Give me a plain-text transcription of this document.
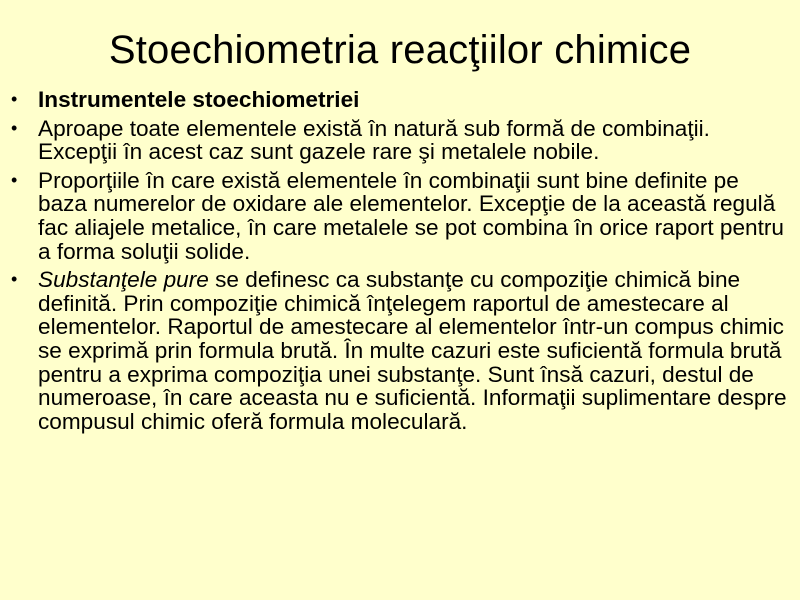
Stoechiometria reacţiilor chimice
• Instrumentele stoechiometriei
• Aproape toate elementele există în natură sub formă de combinaţii. Excepţii în acest caz sunt gazele rare şi metalele nobile.
• Proporţiile în care există elementele în combinaţii sunt bine definite pe baza numerelor de oxidare ale elementelor. Excepţie de la această regulă fac aliajele metalice, în care metalele se pot combina în orice raport pentru a forma soluţii solide.
• Substanţele pure se definesc ca substanţe cu compoziţie chimică bine definită. Prin compoziţie chimică înţelegem raportul de amestecare al elementelor. Raportul de amestecare al elementelor într-un compus chimic se exprimă prin formula brută. În multe cazuri este suficientă formula brută pentru a exprima compoziţia unei substanţe. Sunt însă cazuri, destul de numeroase, în care aceasta nu e suficientă. Informaţii suplimentare despre compusul chimic oferă formula moleculară.
